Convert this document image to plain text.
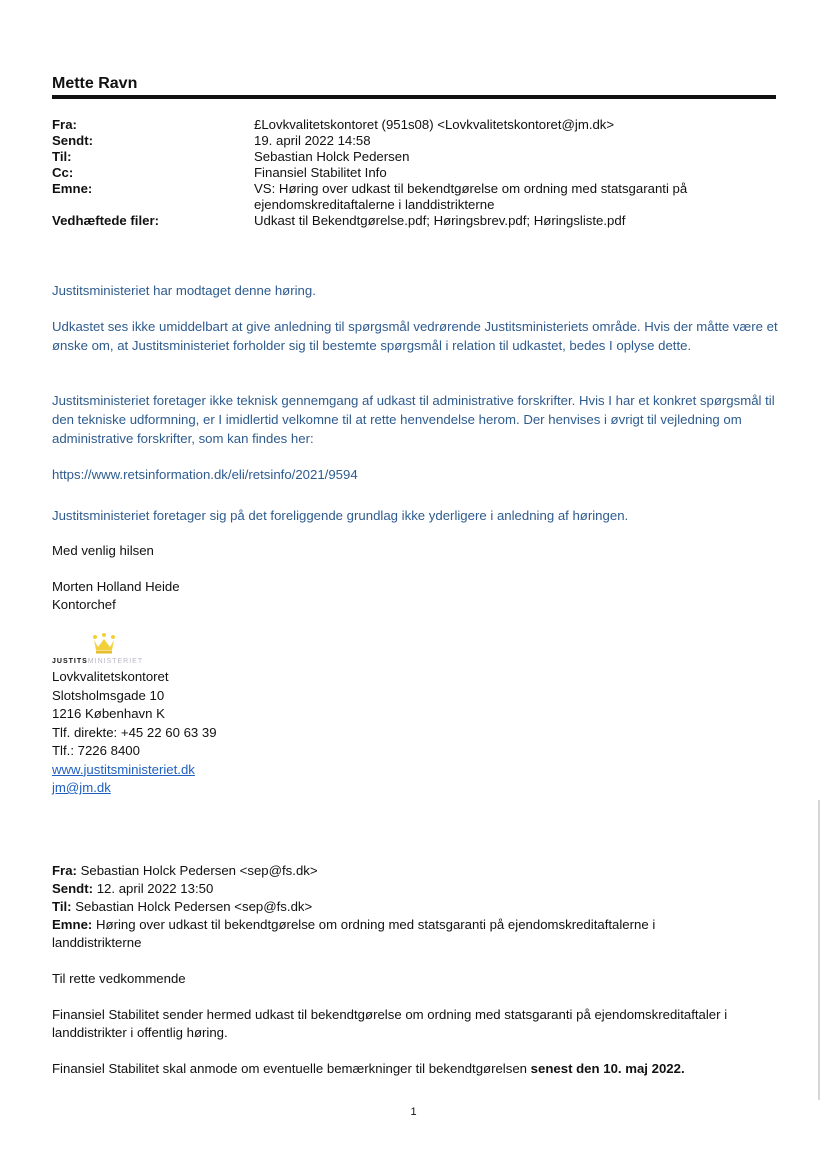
Mette Ravn
Fra:	£Lovkvalitetskontoret (951s08) <Lovkvalitetskontoret@jm.dk>
Sendt:	19. april 2022 14:58
Til:	Sebastian Holck Pedersen
Cc:	Finansiel Stabilitet Info
Emne:	VS: Høring over udkast til bekendtgørelse om ordning med statsgaranti på ejendomskreditaftalerne i landdistrikterne
Vedhæftede filer:	Udkast til Bekendtgørelse.pdf; Høringsbrev.pdf; Høringsliste.pdf
Justitsministeriet har modtaget denne høring.
Udkastet ses ikke umiddelbart at give anledning til spørgsmål vedrørende Justitsministeriets område. Hvis der måtte være et ønske om, at Justitsministeriet forholder sig til bestemte spørgsmål i relation til udkastet, bedes I oplyse dette.
Justitsministeriet foretager ikke teknisk gennemgang af udkast til administrative forskrifter. Hvis I har et konkret spørgsmål til den tekniske udformning, er I imidlertid velkomne til at rette henvendelse herom. Der henvises i øvrigt til vejledning om administrative forskrifter, som kan findes her:
https://www.retsinformation.dk/eli/retsinfo/2021/9594
Justitsministeriet foretager sig på det foreliggende grundlag ikke yderligere i anledning af høringen.
Med venlig hilsen
Morten Holland Heide
Kontorchef
JUSTITSMINISTERIET
Lovkvalitetskontoret
Slotsholmsgade 10
1216 København K
Tlf. direkte: +45 22 60 63 39
Tlf.: 7226 8400
www.justitsministeriet.dk
jm@jm.dk
Fra: Sebastian Holck Pedersen <sep@fs.dk>
Sendt: 12. april 2022 13:50
Til: Sebastian Holck Pedersen <sep@fs.dk>
Emne: Høring over udkast til bekendtgørelse om ordning med statsgaranti på ejendomskreditaftalerne i landdistrikterne
Til rette vedkommende
Finansiel Stabilitet sender hermed udkast til bekendtgørelse om ordning med statsgaranti på ejendomskreditaftaler i landdistrikter i offentlig høring.
Finansiel Stabilitet skal anmode om eventuelle bemærkninger til bekendtgørelsen senest den 10. maj 2022.
1
